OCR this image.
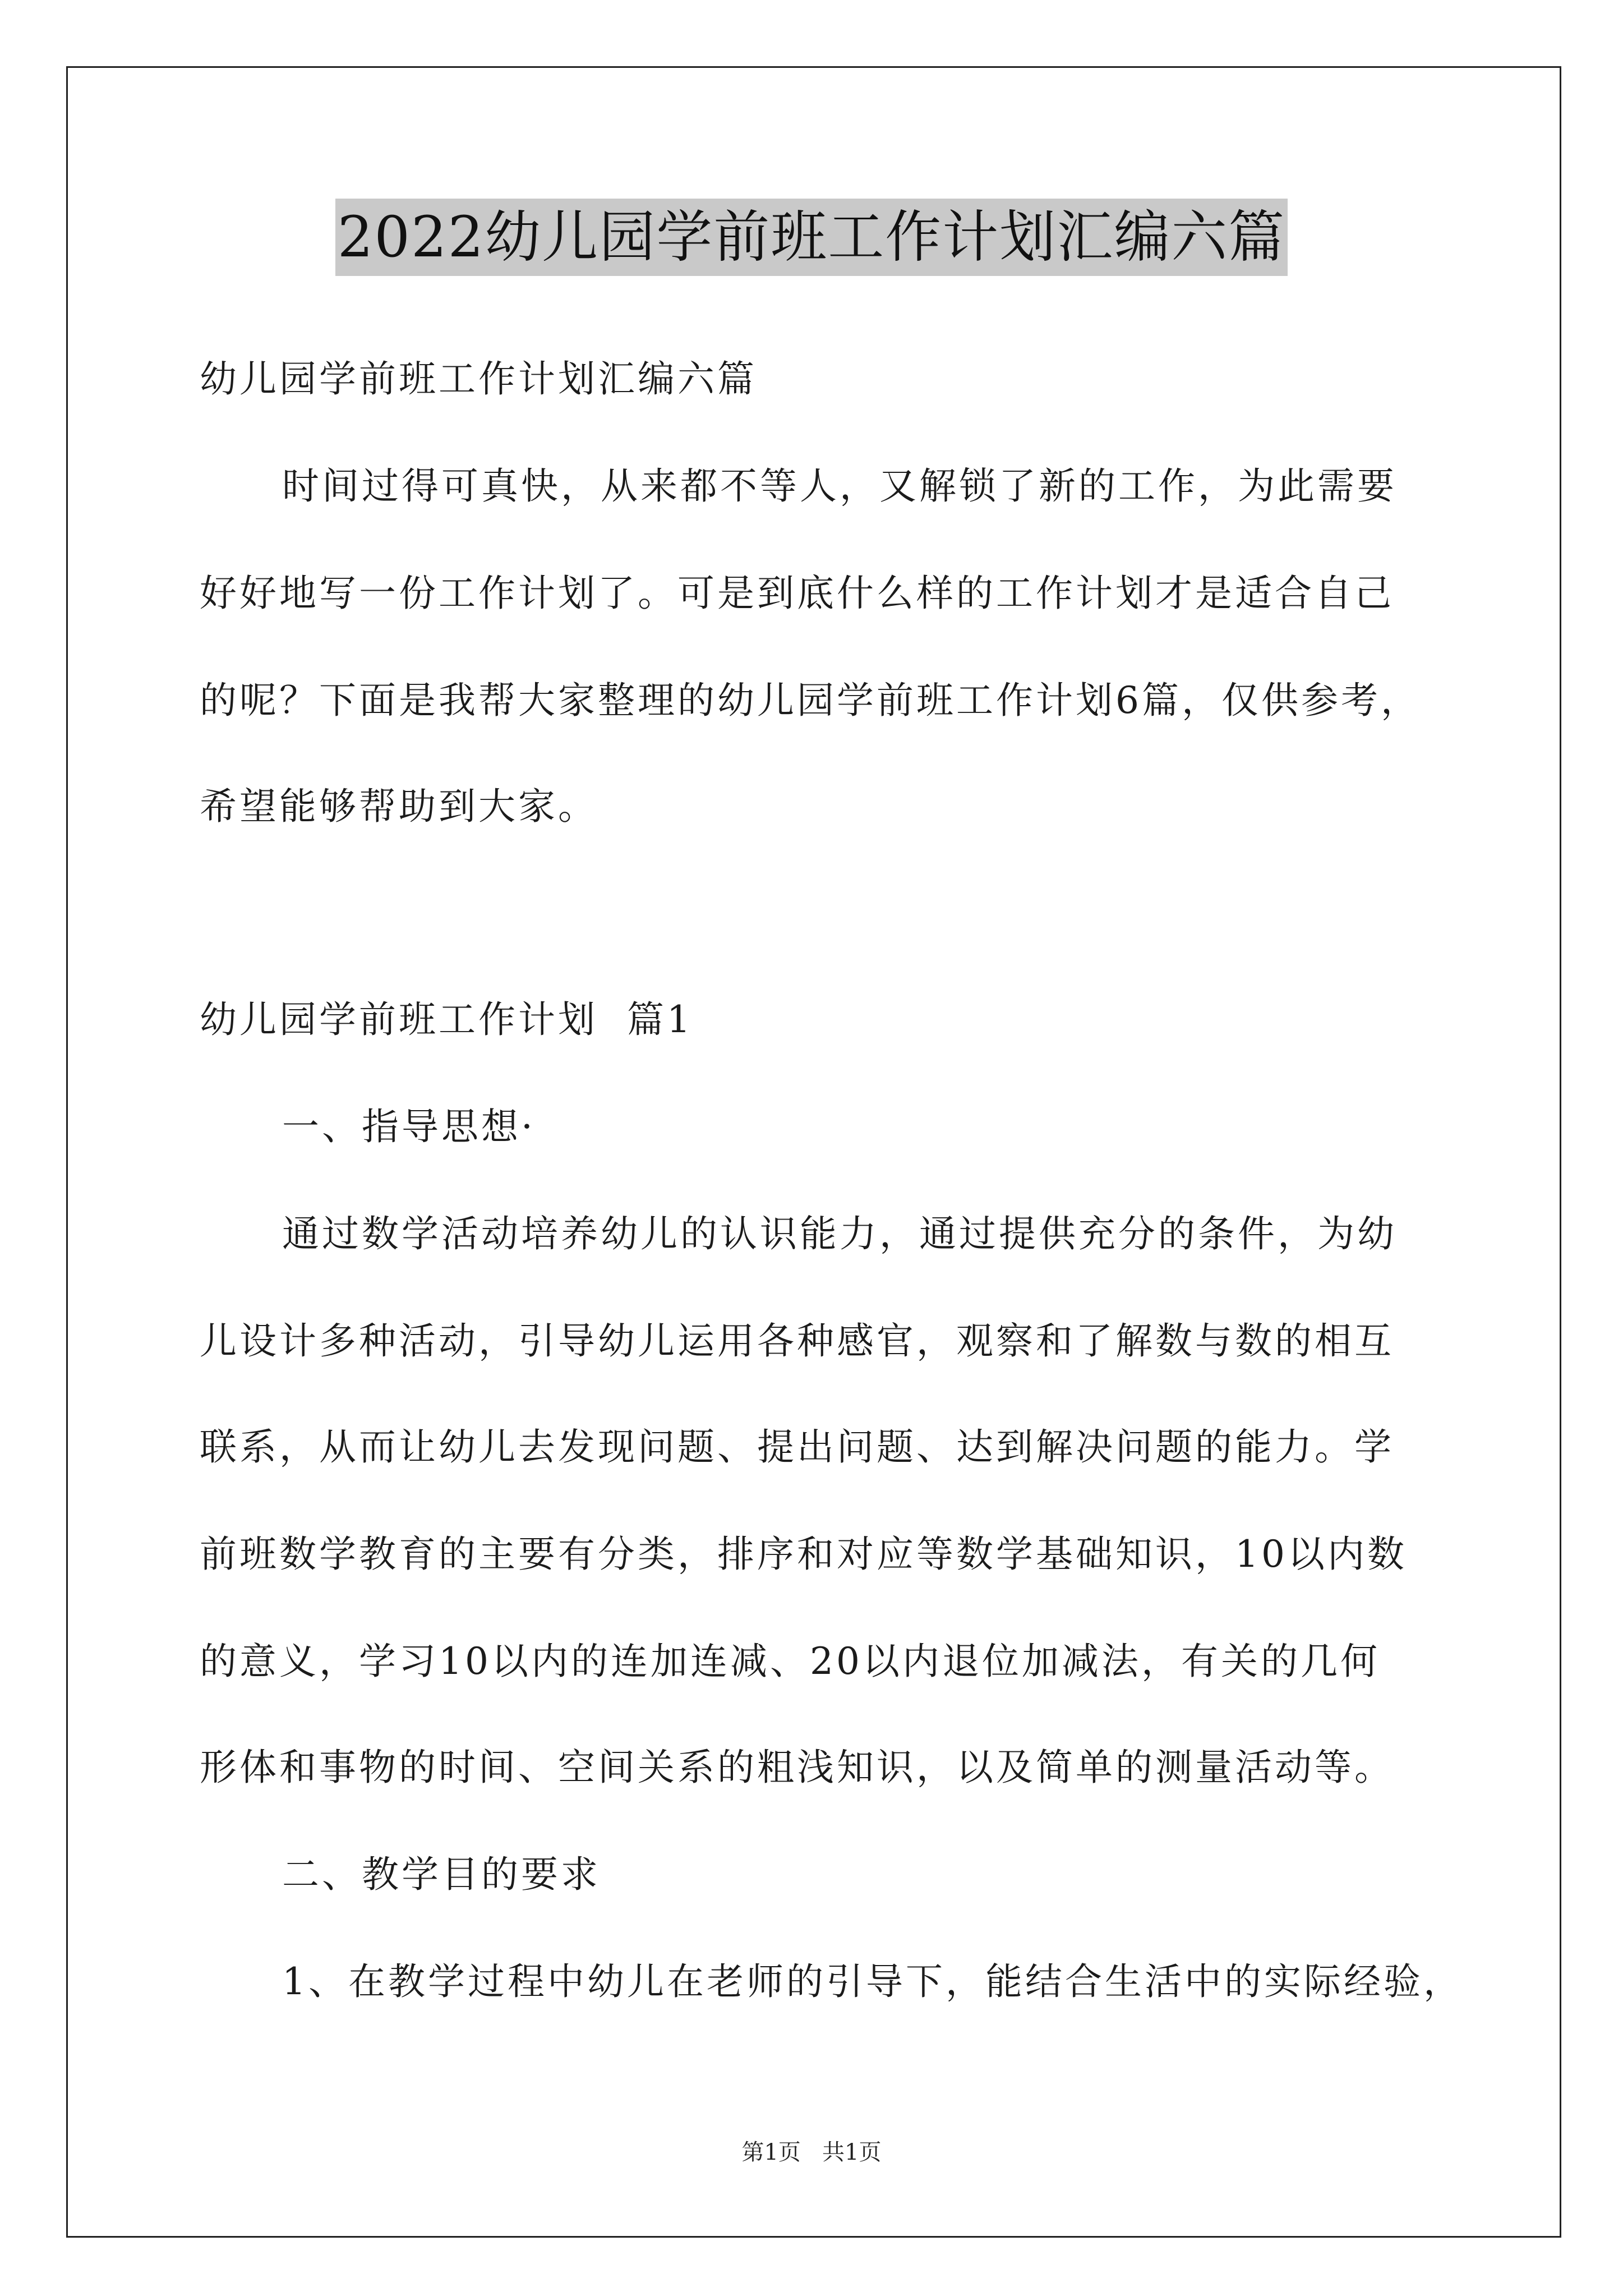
2022幼儿园学前班工作计划汇编六篇
幼儿园学前班工作计划汇编六篇
时间过得可真快，从来都不等人，又解锁了新的工作，为此需要
好好地写一份工作计划了。可是到底什么样的工作计划才是适合自己
的呢？下面是我帮大家整理的幼儿园学前班工作计划6篇，仅供参考，
希望能够帮助到大家。
幼儿园学前班工作计划  篇1
一、指导思想·
通过数学活动培养幼儿的认识能力，通过提供充分的条件，为幼
儿设计多种活动，引导幼儿运用各种感官，观察和了解数与数的相互
联系，从而让幼儿去发现问题、提出问题、达到解决问题的能力。学
前班数学教育的主要有分类，排序和对应等数学基础知识，10以内数
的意义，学习10以内的连加连减、20以内退位加减法，有关的几何
形体和事物的时间、空间关系的粗浅知识，以及简单的测量活动等。
二、教学目的要求
1、在教学过程中幼儿在老师的引导下，能结合生活中的实际经验，
第1页   共1页
